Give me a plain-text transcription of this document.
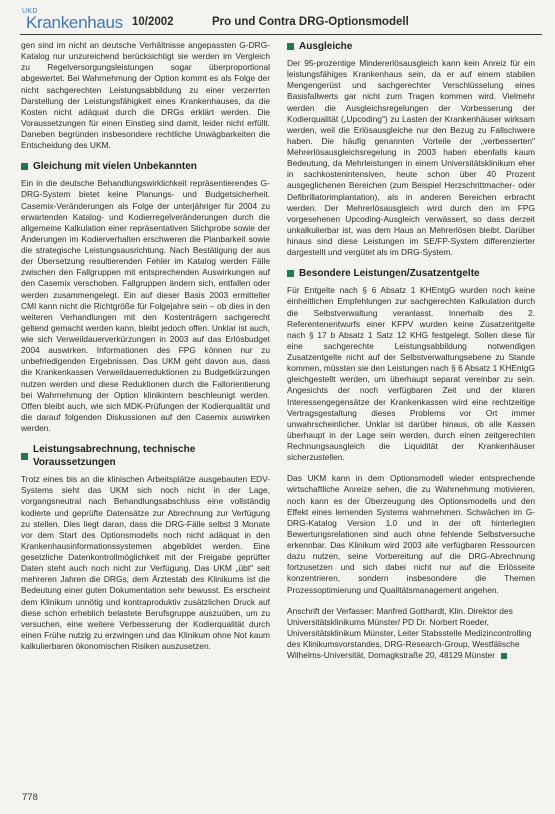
UKD
Krankenhaus 10/2002	Pro und Contra DRG-Optionsmodell

gen sind im nicht an deutsche Verhältnisse angepassten G-DRG-Katalog nur unzureichend berücksichtigt sie werden im Vergleich zu Regelversorgungsleistungen sogar überproportional abgewertet. Bei Wahrnehmung der Option kommt es als Folge der nicht sachgerechten Leistungsabbildung zu einer verzerrten Darstellung der Leistungsfähigkeit eines Krankenhauses, da die Kosten nicht adäquat durch die DRGs erklärt werden. Die Voraussetzungen für einen Einstieg sind damit, leider nicht erfüllt. Daneben begründen insbesondere rechtliche Unwägbarkeiten die Entscheidung des UKM.

Gleichung mit vielen Unbekannten

Ein in die deutsche Behandlungswirklichkeit repräsentierendes G-DRG-System bietet keine Planungs- und Budgetsicherheit. Casemix-Veränderungen als Folge der unterjähriger für 2004 zu erwartenden Katalog- und Kodierregelveränderungen durch die allgemeine Kalkulation einer repräsentativen Stichprobe sowie der Änderungen im Kodierverhalten erschweren die Planbarkeit sowie die strategische Leistungsausrichtung. Nach Bestätigung der aus der Übersetzung resultierenden Fehler im Katalog werden Fälle zwischen den Fallgruppen mit entsprechenden Auswirkungen auf den Casemix verschoben. Fallgruppen ändern sich, entfallen oder werden zusammengelegt. Ein auf dieser Basis 2003 ermittelter CMI kann nicht die Richtgröße für Folgejahre sein – ob dies in den weiteren Verhandlungen mit den Kostenträgern sachgerecht geltend gemacht werden kann, bleibt jedoch offen. Unklar ist auch, wie sich Verweildauerverkürzungen in 2003 auf das Erlösbudget 2004 auswirken. Informationen des FPG können nur zu unbefriedigenden Ergebnissen. Das UKM geht davon aus, dass die Krankenkassen Verweildauerreduktionen zu Budgetkürzungen nutzen werden und diese Reduktionen durch die Fallorientierung bei Wahrnehmung der Option klinikintern beschleunigt werden. Offen bleibt auch, wie sich MDK-Prüfungen der Kodierqualität und die darauf folgenden Diskussionen auf den Casemix auswirken werden.

Leistungsabrechnung, technische Voraussetzungen

Trotz eines bis an die klinischen Arbeitsplätze ausgebauten EDV-Systems sieht das UKM sich noch nicht in der Lage, vorgangsneutral nach Behandlungsabschluss eine vollständig kodierte und geprüfte Datensätze zur Abrechnung zur Verfügung zu stellen. Dies liegt daran, dass die DRG-Fälle selbst 3 Monate vor dem Start des Optionsmodells noch nicht adäquat in den Krankenhausinformationssystemen abgebildet werden. Eine gesetzliche Datenkontrollmöglichkeit mit der Freigabe geprüfter Daten steht auch noch nicht zur Verfügung. Das UKM „übt" seit mehreren Jahren die DRGs, dem Ärztestab des Klinikums ist die Bedeutung einer guten Dokumentation sehr bewusst. Es erscheint dem Klinikum unnötig und kontraproduktiv zusätzlichen Druck auf diese schon erheblich belastete Berufsgruppe auszuüben, um zu versuchen, eine weitere Verbesserung der Kodierqualität durch einen Frühe nutzig zu erzwingen und das Klinikum ohne Not kaum kalkulierbaren ökonomischen Risiken auszusetzen.

Ausgleiche

Der 95-prozentige Mindererlösausgleich kann kein Anreiz für ein leistungsfähiges Krankenhaus sein, da er auf einem stabilen Mengengerüst und sachgerechter Verschlüsselung eines Basisfallwerts gar nicht zum Tragen kommen wird. Vielmehr werden die Ausgleichsregelungen der Vorbesserung der Kodierqualität („Upcoding") zu Lasten der Krankenhäuser wirksam werden, weil die Erlösausgleiche nur den Bezug zu Fallschwere haben. Die häufig genannten Vorteile der „verbesserten" Mehrerlösausgleichsregelung in 2003 haben ebenfalls kaum Bedeutung, da Mehrleistungen in einem Universitätsklinikum eher in sachkostenintensiven, heute schon über 40 Prozent ausgeglichenen Bereichen (zum Beispiel Herzschrittmacher- oder Defibrillatorimplantation), als in anderen Bereichen erbracht werden. Der Mehrerlösausgleich wird durch den im FPG vorgesehenen Upcoding-Ausgleich verwässert, so dass derzeit unkalkulierbar ist, was dem Haus an Mehrerlösen bleibt. Darüber hinaus sind diese Leistungen im SE/FP-System differenzierter dargestellt und vergütet als im DRG-System.

Besondere Leistungen/Zusatzentgelte

Für Entgelte nach § 6 Absatz 1 KHEntgG wurden noch keine einheitlichen Empfehlungen zur sachgerechten Kalkulation durch die Selbstverwaltung veranlasst. Innerhalb des 2. Referentenentwurfs einer KFPV wurden keine Zusatzentgelte nach § 17 b Absatz 1 Satz 12 KHG festgelegt. Sollen diese für eine sachgerechte Leistungsabbildung notwendigen Zusatzentgelte nicht auf der Selbstverwaltungsebene zu Stande kommen, müssten sie den Leistungen nach § 6 Absatz 1 KHEntgG gleichgestellt werden, um überhaupt separat vereinbar zu sein. Angesichts der noch verfügbaren Zeit und der klaren Interessengegensätze der Krankenkassen wird eine rechtzeitige Vertragsgestaltung dieses Problems vor Ort immer unwahrscheinlicher. Unklar ist darüber hinaus, ob alle Kassen überhaupt in der Lage sein werden, durch einen zeitgerechten Rechnungsausgleich die Liquidität der Krankenhäuser sicherzustellen.

Das UKM kann in dem Optionsmodell wieder entsprechende wirtschaftliche Anreize sehen, die zu Wahrnehmung motivieren, noch kann es der Überzeugung des Optionsmodells und den Effekt eines lernenden Systems wahrnehmen. Schwächen im G-DRG-Katalog Version 1.0 und in der oft hinterlegten Bewertungsrelationen sind auch ohne fehlende Selbstversuche erkennbar. Das Klinikum wird 2003 alle verfügbaren Ressourcen dazu nutzen, seine Vorbereitung auf die DRG-Abrechnung fortzusetzen und sich dabei nicht nur auf die Erlösseite konzentrieren, sondern insbesondere die Themen Prozessoptimierung und Qualitätsmanagement angehen.

Anschrift der Verfasser: Manfred Gotthardt, Klin. Direktor des Universitätsklinikums Münster/ PD Dr. Norbert Roeder, Universitätsklinikum Münster, Leiter Stabsstelle Medizincontrolling des Klinikumsvorstandes, DRG-Research-Group, Westfälische Wilhelms-Universität, Domagkstraße 20, 48129 Münster

778
